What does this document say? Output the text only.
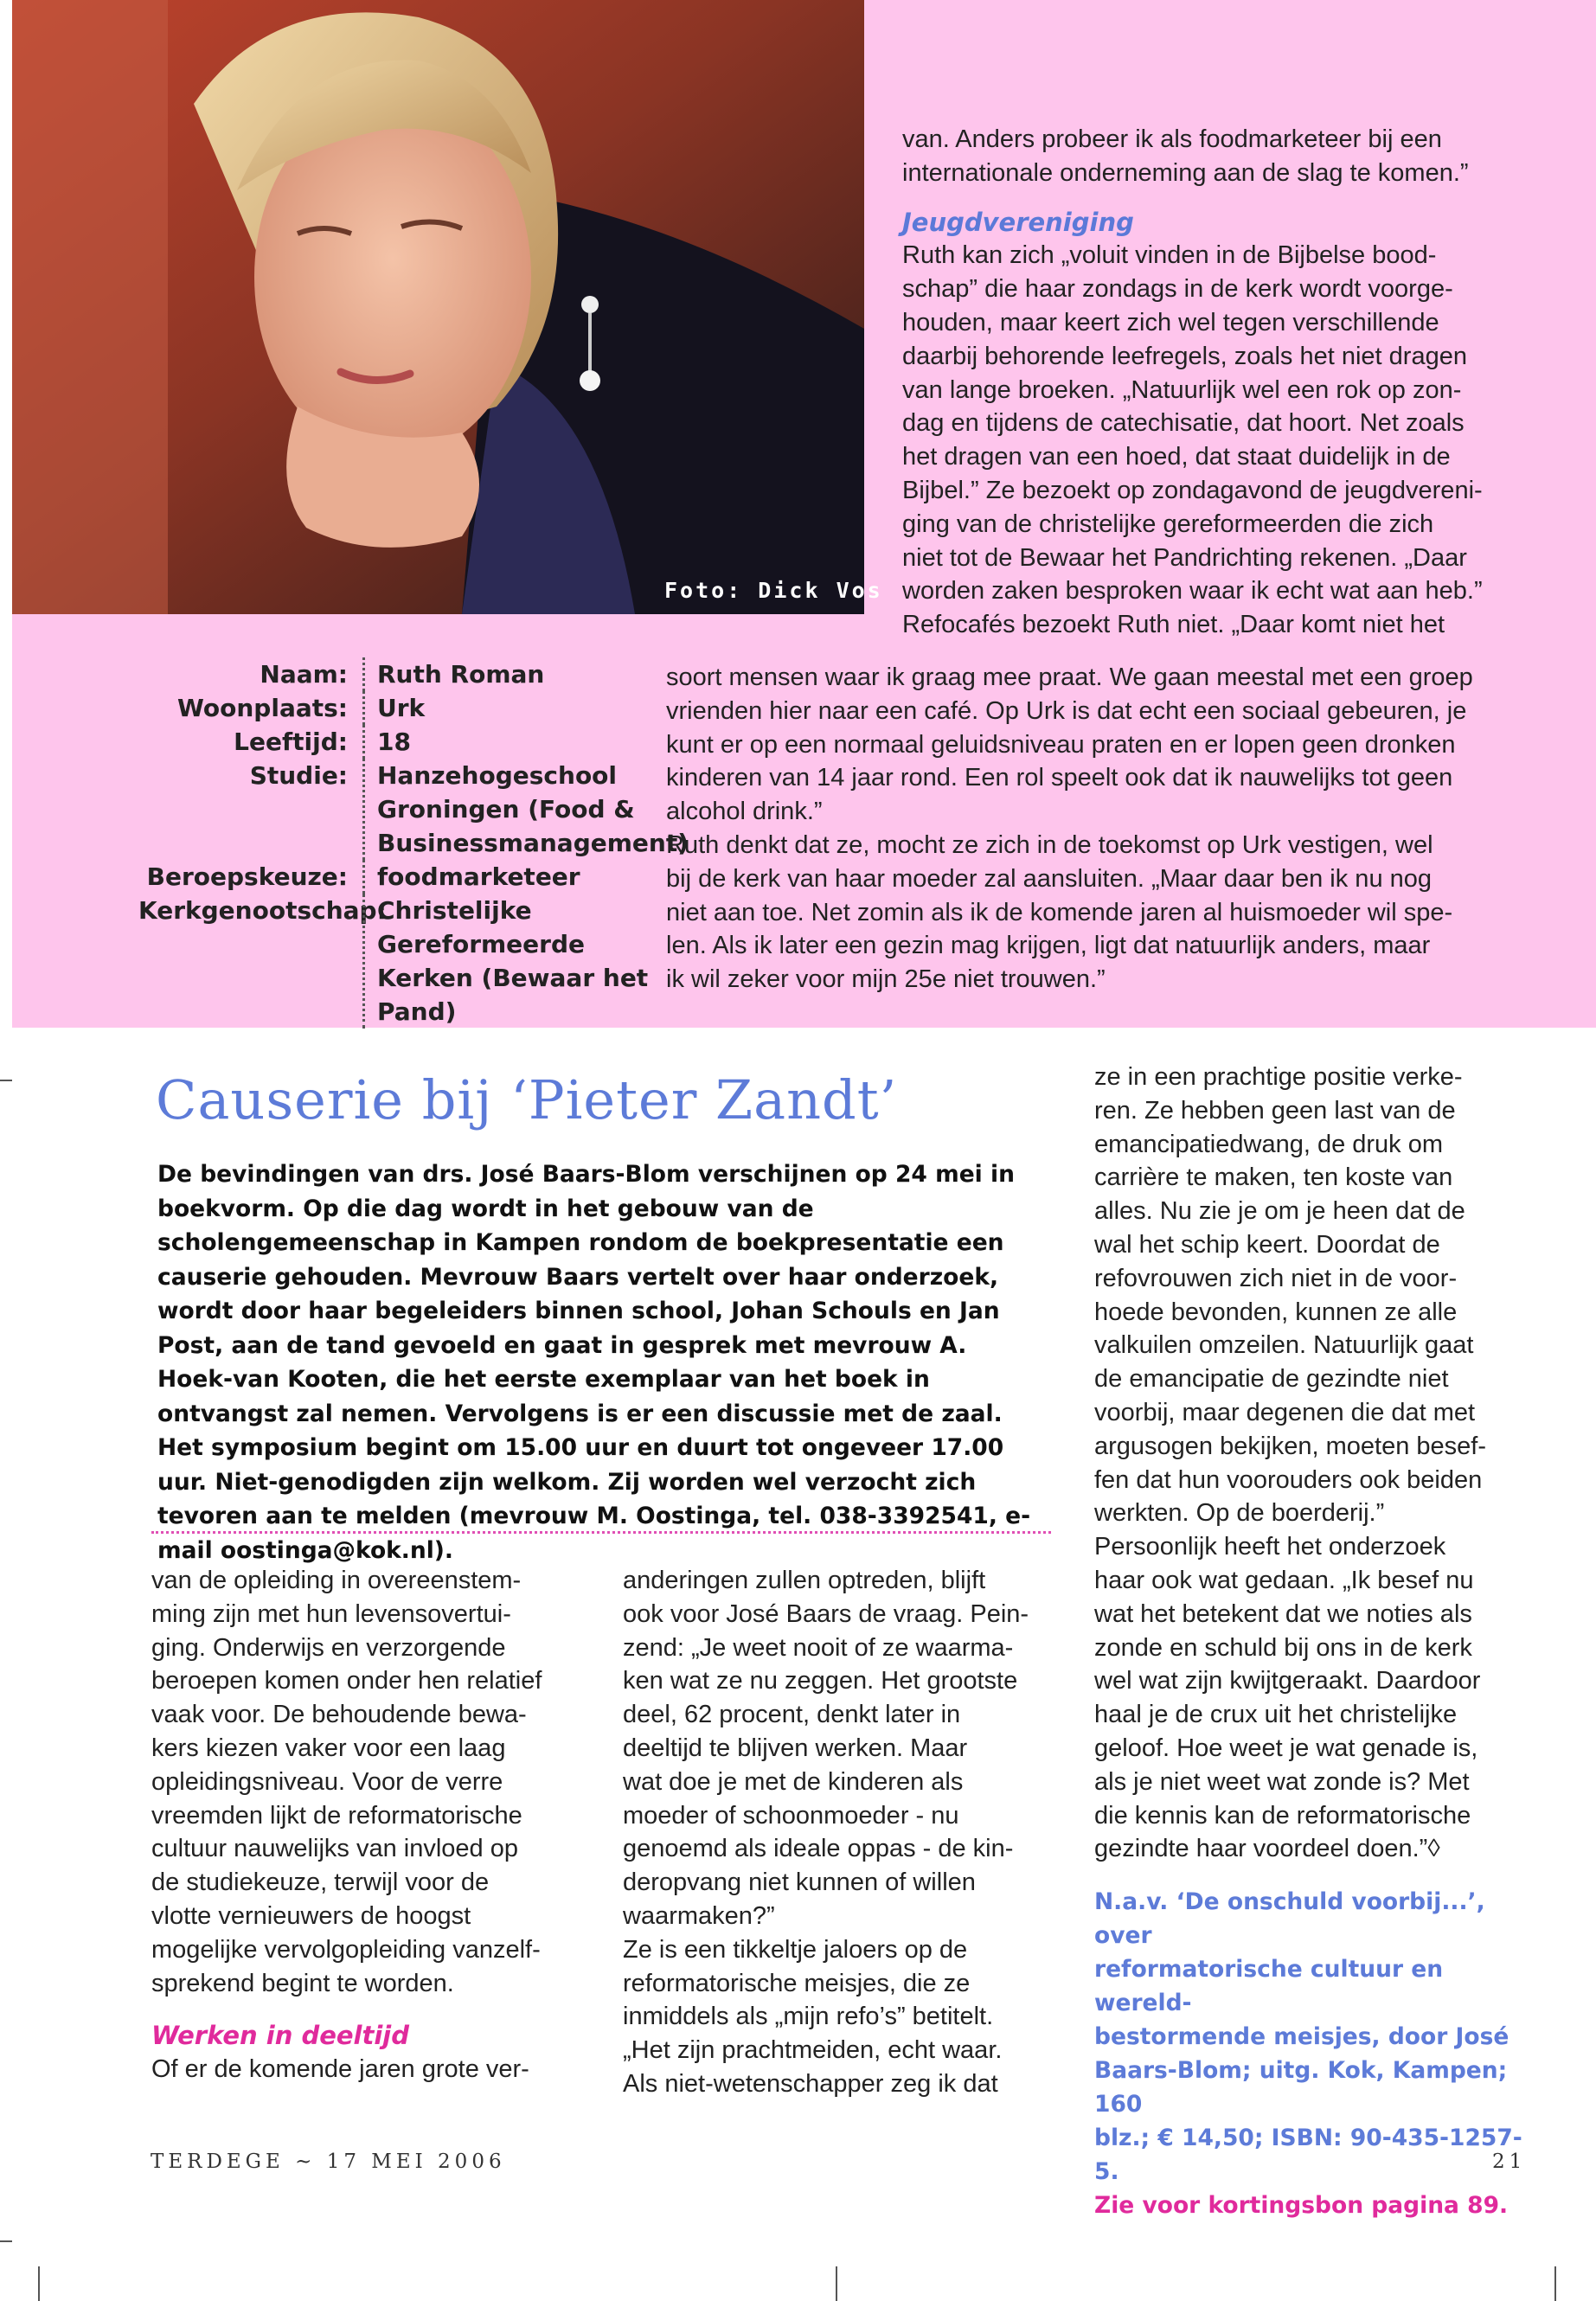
Foto: Dick Vos

van. Anders probeer ik als foodmarketeer bij een

internationale onderneming aan de slag te komen.”

Jeugdvereniging

Ruth kan zich „voluit vinden in de Bijbelse bood-

schap” die haar zondags in de kerk wordt voorge-

houden, maar keert zich wel tegen verschillende

daarbij behorende leefregels, zoals het niet dragen

van lange broeken. „Natuurlijk wel een rok op zon-

dag en tijdens de catechisatie, dat hoort. Net zoals

het dragen van een hoed, dat staat duidelijk in de

Bijbel.” Ze bezoekt op zondagavond de jeugdvereni-

ging van de christelijke gereformeerden die zich

niet tot de Bewaar het Pandrichting rekenen. „Daar

worden zaken besproken waar ik echt wat aan heb.”

Refocafés bezoekt Ruth niet. „Daar komt niet het

soort mensen waar ik graag mee praat. We gaan meestal met een groep

vrienden hier naar een café. Op Urk is dat echt een sociaal gebeuren, je

kunt er op een normaal geluidsniveau praten en er lopen geen dronken

kinderen van 14 jaar rond. Een rol speelt ook dat ik nauwelijks tot geen

alcohol drink.”

Ruth denkt dat ze, mocht ze zich in de toekomst op Urk vestigen, wel

bij de kerk van haar moeder zal aansluiten. „Maar daar ben ik nu nog

niet aan toe. Net zomin als ik de komende jaren al huismoeder wil spe-

len. Als ik later een gezin mag krijgen, ligt dat natuurlijk anders, maar

ik wil zeker voor mijn 25e niet trouwen.”

Naam:	Ruth Roman
Woonplaats:	Urk
Leeftijd:	18
Studie:	Hanzehogeschool Groningen (Food & Businessmanagement)
Beroepskeuze:	foodmarketeer
Kerkgenootschap:
Christelijke Gereformeerde Kerken (Bewaar het Pand)
Causerie bij ‘Pieter Zandt’
De bevindingen van drs. José Baars-Blom verschijnen op 24 mei in boekvorm. Op die dag wordt in het gebouw van de scholengemeenschap in Kampen rondom de boekpresentatie een causerie gehouden. Mevrouw Baars vertelt over haar onderzoek, wordt door haar begeleiders binnen school, Johan Schouls en Jan Post, aan de tand gevoeld en gaat in gesprek met mevrouw A. Hoek-van Kooten, die het eerste exemplaar van het boek in ontvangst zal nemen. Vervolgens is er een discussie met de zaal. Het symposium begint om 15.00 uur en duurt tot ongeveer 17.00 uur. Niet-genodigden zijn welkom. Zij worden wel verzocht zich tevoren aan te melden (mevrouw M. Oostinga, tel. 038-3392541, e-mail oostinga@kok.nl).

van de opleiding in overeenstem-

ming zijn met hun levensovertui-

ging. Onderwijs en verzorgende

beroepen komen onder hen relatief

vaak voor. De behoudende bewa-

kers kiezen vaker voor een laag

opleidingsniveau. Voor de verre

vreemden lijkt de reformatorische

cultuur nauwelijks van invloed op

de studiekeuze, terwijl voor de

vlotte vernieuwers de hoogst

mogelijke vervolgopleiding vanzelf-

sprekend begint te worden.

Werken in deeltijd

Of er de komende jaren grote ver-

anderingen zullen optreden, blijft

ook voor José Baars de vraag. Pein-

zend: „Je weet nooit of ze waarma-

ken wat ze nu zeggen. Het grootste

deel, 62 procent, denkt later in

deeltijd te blijven werken. Maar

wat doe je met de kinderen als

moeder of schoonmoeder - nu

genoemd als ideale oppas - de kin-

deropvang niet kunnen of willen

waarmaken?”

Ze is een tikkeltje jaloers op de

reformatorische meisjes, die ze

inmiddels als „mijn refo’s” betitelt.

„Het zijn prachtmeiden, echt waar.

Als niet-wetenschapper zeg ik dat

ze in een prachtige positie verke-

ren. Ze hebben geen last van de

emancipatiedwang, de druk om

carrière te maken, ten koste van

alles. Nu zie je om je heen dat de

wal het schip keert. Doordat de

refovrouwen zich niet in de voor-

hoede bevonden, kunnen ze alle

valkuilen omzeilen. Natuurlijk gaat

de emancipatie de gezindte niet

voorbij, maar degenen die dat met

argusogen bekijken, moeten besef-

fen dat hun voorouders ook beiden

werkten. Op de boerderij.”

Persoonlijk heeft het onderzoek

haar ook wat gedaan. „Ik besef nu

wat het betekent dat we noties als

zonde en schuld bij ons in de kerk

wel wat zijn kwijtgeraakt. Daardoor

haal je de crux uit het christelijke

geloof. Hoe weet je wat genade is,

als je niet weet wat zonde is? Met

die kennis kan de reformatorische

gezindte haar voordeel doen.”◊

N.a.v. ‘De onschuld voorbij...’, over

reformatorische cultuur en wereld-

bestormende meisjes, door José

Baars-Blom; uitg. Kok, Kampen; 160

blz.; € 14,50; ISBN: 90-435-1257-5.

Zie voor kortingsbon pagina 89.

TERDEGE ~ 17 MEI 2006	21
